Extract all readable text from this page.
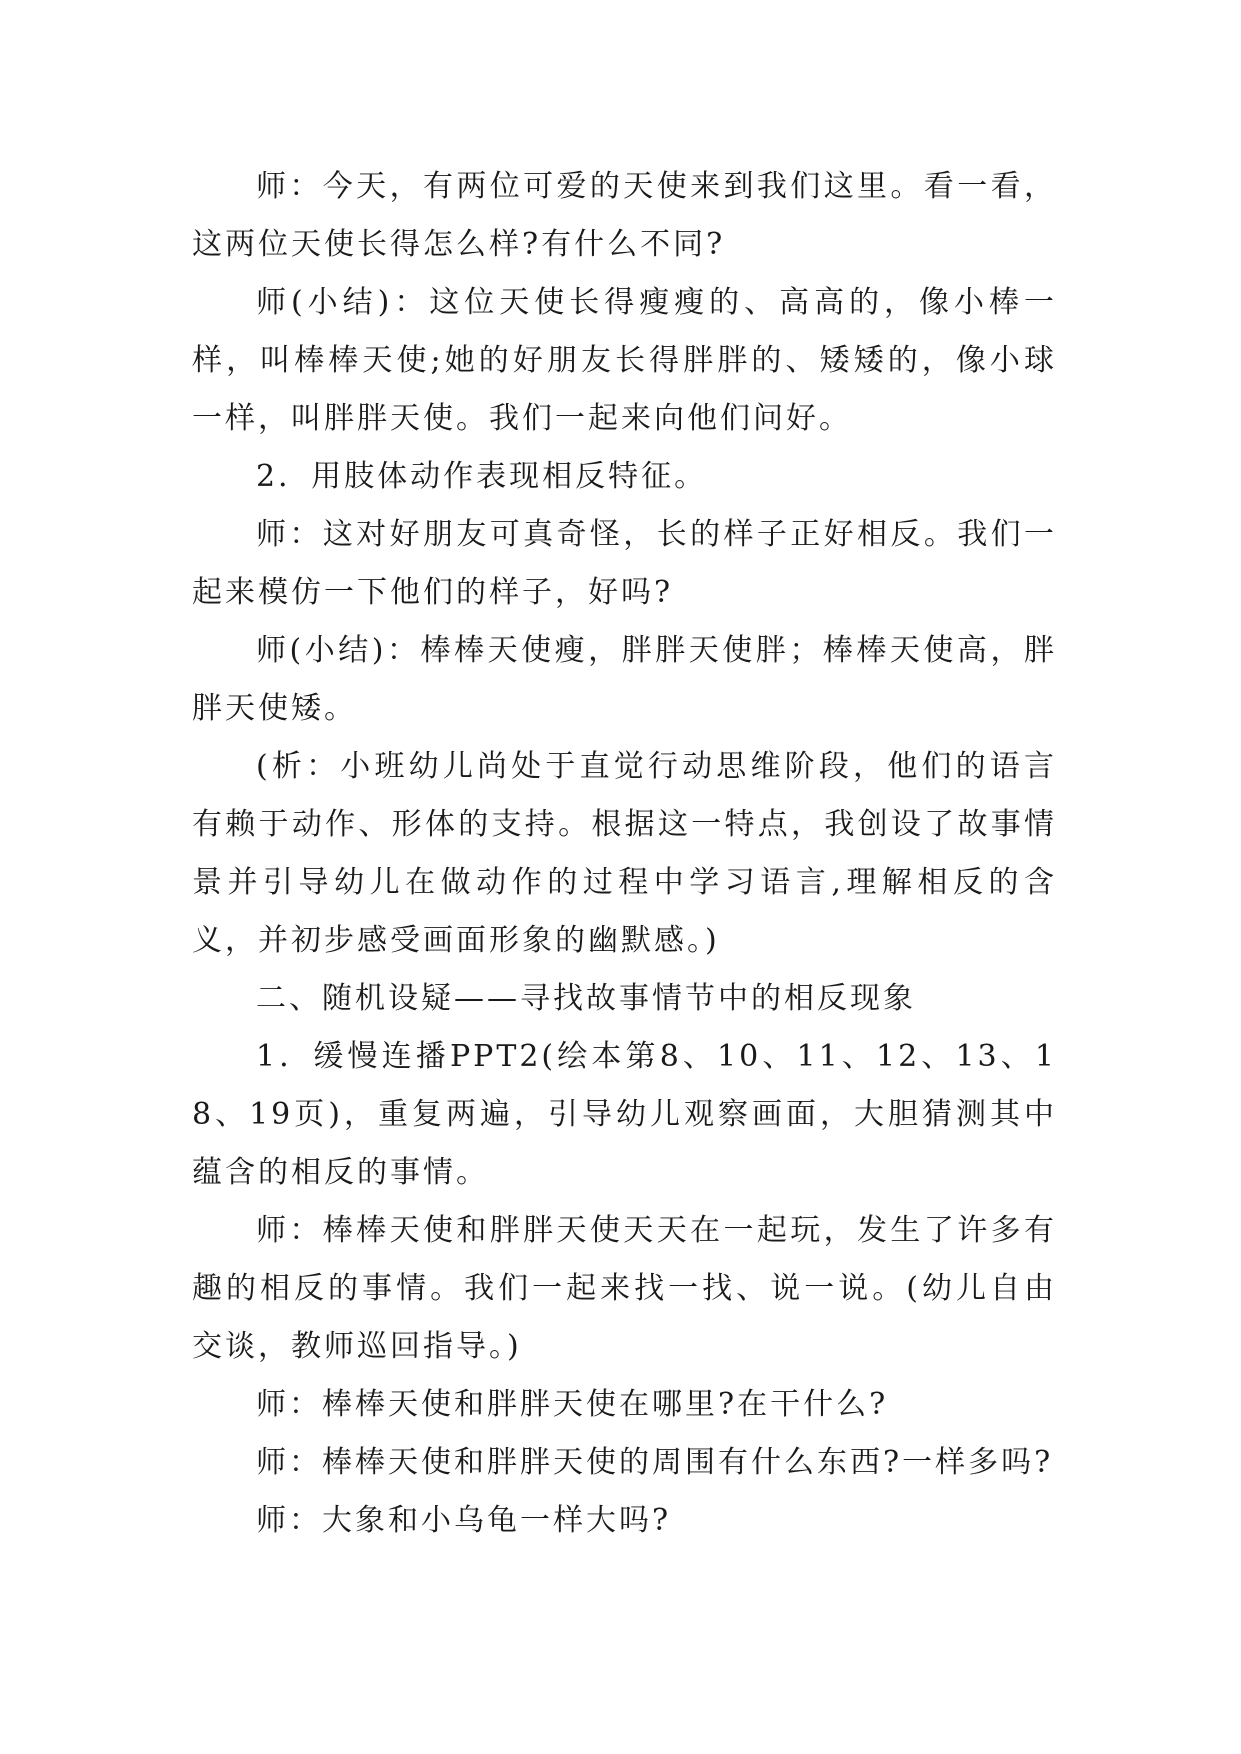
师：今天，有两位可爱的天使来到我们这里。看一看，这两位天使长得怎么样?有什么不同?

师(小结)：这位天使长得瘦瘦的、高高的，像小棒一样，叫棒棒天使;她的好朋友长得胖胖的、矮矮的，像小球一样，叫胖胖天使。我们一起来向他们问好。

2．用肢体动作表现相反特征。

师：这对好朋友可真奇怪，长的样子正好相反。我们一起来模仿一下他们的样子，好吗?

师(小结)：棒棒天使瘦，胖胖天使胖；棒棒天使高，胖胖天使矮。

(析：小班幼儿尚处于直觉行动思维阶段，他们的语言有赖于动作、形体的支持。根据这一特点，我创设了故事情景并引导幼儿在做动作的过程中学习语言,理解相反的含义，并初步感受画面形象的幽默感。)

二、随机设疑——寻找故事情节中的相反现象

1．缓慢连播PPT2(绘本第8、10、11、12、13、18、19页)，重复两遍，引导幼儿观察画面，大胆猜测其中蕴含的相反的事情。

师：棒棒天使和胖胖天使天天在一起玩，发生了许多有趣的相反的事情。我们一起来找一找、说一说。(幼儿自由交谈，教师巡回指导。)

师：棒棒天使和胖胖天使在哪里?在干什么?

师：棒棒天使和胖胖天使的周围有什么东西?一样多吗?

师：大象和小乌龟一样大吗?
